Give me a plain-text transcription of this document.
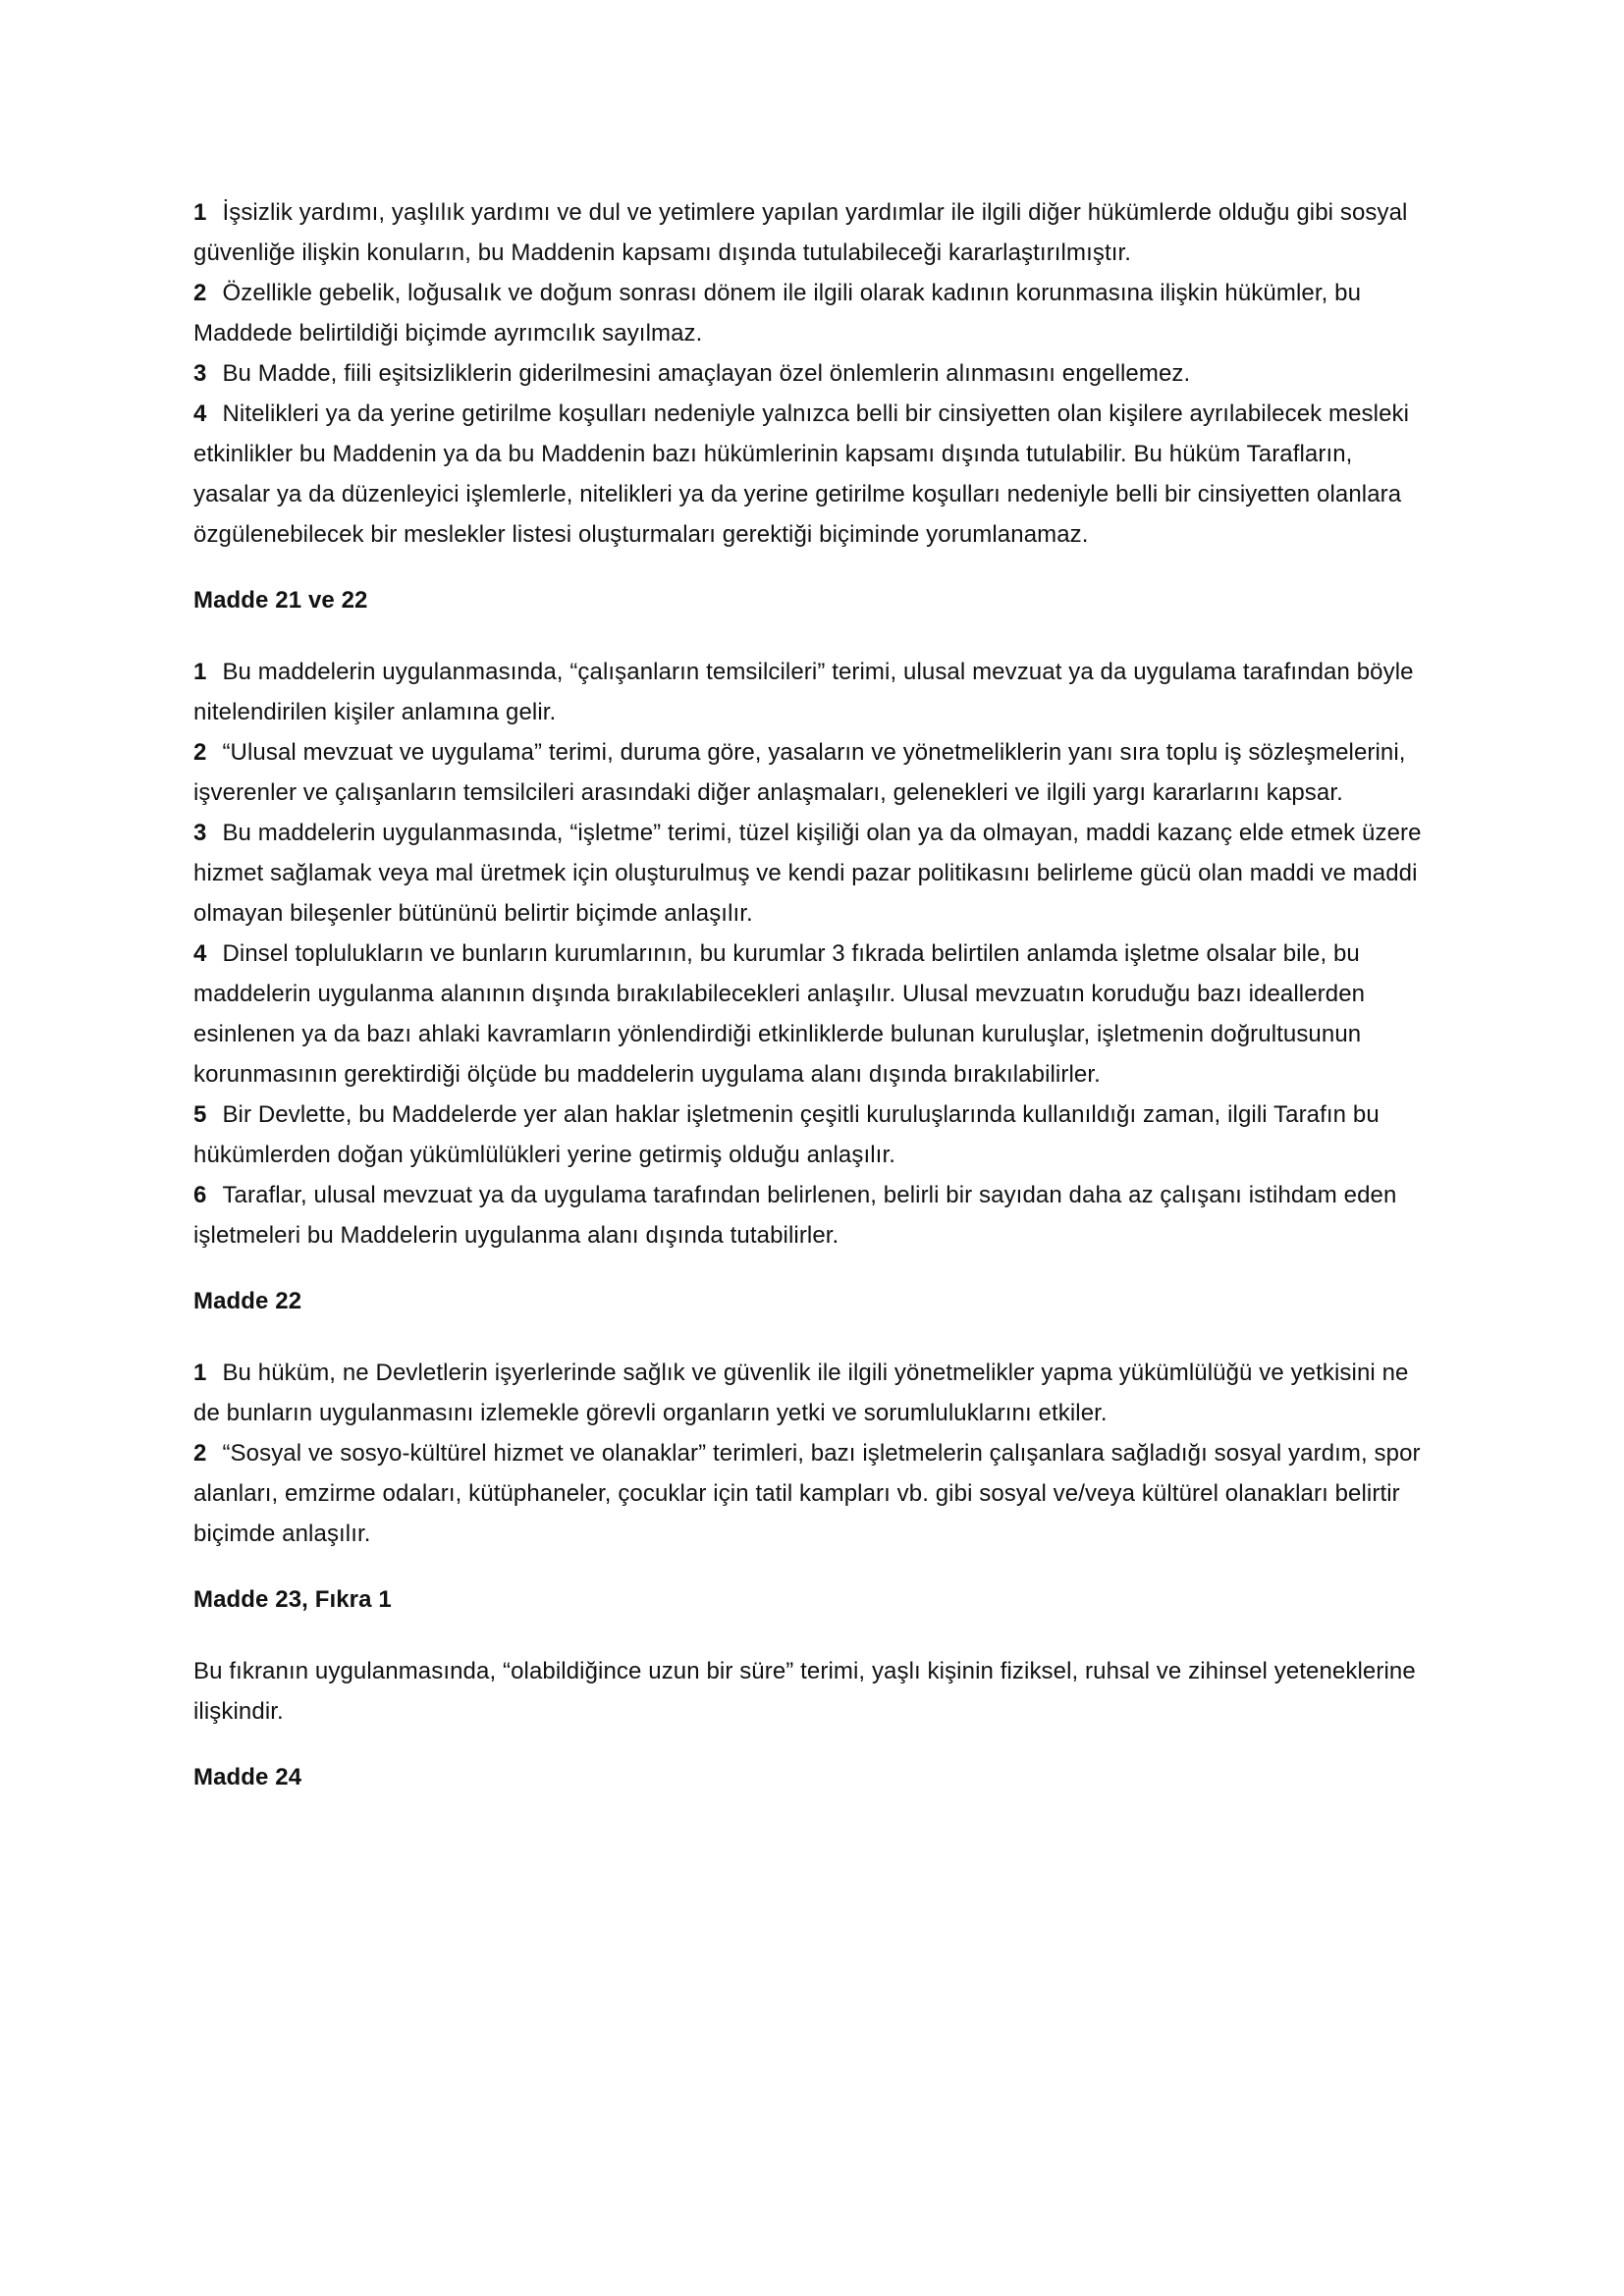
1 İşsizlik yardımı, yaşlılık yardımı ve dul ve yetimlere yapılan yardımlar ile ilgili diğer hükümlerde olduğu gibi sosyal güvenliğe ilişkin konuların, bu Maddenin kapsamı dışında tutulabileceği kararlaştırılmıştır.

2 Özellikle gebelik, loğusalık ve doğum sonrası dönem ile ilgili olarak kadının korunmasına ilişkin hükümler, bu Maddede belirtildiği biçimde ayrımcılık sayılmaz.

3 Bu Madde, fiili eşitsizliklerin giderilmesini amaçlayan özel önlemlerin alınmasını engellemez.

4 Nitelikleri ya da yerine getirilme koşulları nedeniyle yalnızca belli bir cinsiyetten olan kişilere ayrılabilecek mesleki etkinlikler bu Maddenin ya da bu Maddenin bazı hükümlerinin kapsamı dışında tutulabilir. Bu hüküm Tarafların, yasalar ya da düzenleyici işlemlerle, nitelikleri ya da yerine getirilme koşulları nedeniyle belli bir cinsiyetten olanlara özgülenebilecek bir meslekler listesi oluşturmaları gerektiği biçiminde yorumlanamaz.

Madde 21 ve 22

1 Bu maddelerin uygulanmasında, “çalışanların temsilcileri” terimi, ulusal mevzuat ya da uygulama tarafından böyle nitelendirilen kişiler anlamına gelir.

2 “Ulusal mevzuat ve uygulama” terimi, duruma göre, yasaların ve yönetmeliklerin yanı sıra toplu iş sözleşmelerini, işverenler ve çalışanların temsilcileri arasındaki diğer anlaşmaları, gelenekleri ve ilgili yargı kararlarını kapsar.

3 Bu maddelerin uygulanmasında, “işletme” terimi, tüzel kişiliği olan ya da olmayan, maddi kazanç elde etmek üzere hizmet sağlamak veya mal üretmek için oluşturulmuş ve kendi pazar politikasını belirleme gücü olan maddi ve maddi olmayan bileşenler bütününü belirtir biçimde anlaşılır.

4 Dinsel toplulukların ve bunların kurumlarının, bu kurumlar 3 fıkrada belirtilen anlamda işletme olsalar bile, bu maddelerin uygulanma alanının dışında bırakılabilecekleri anlaşılır. Ulusal mevzuatın koruduğu bazı ideallerden esinlenen ya da bazı ahlaki kavramların yönlendirdiği etkinliklerde bulunan kuruluşlar, işletmenin doğrultusunun korunmasının gerektirdiği ölçüde bu maddelerin uygulama alanı dışında bırakılabilirler.

5 Bir Devlette, bu Maddelerde yer alan haklar işletmenin çeşitli kuruluşlarında kullanıldığı zaman, ilgili Tarafın bu hükümlerden doğan yükümlülükleri yerine getirmiş olduğu anlaşılır.

6 Taraflar, ulusal mevzuat ya da uygulama tarafından belirlenen, belirli bir sayıdan daha az çalışanı istihdam eden işletmeleri bu Maddelerin uygulanma alanı dışında tutabilirler.

Madde 22

1 Bu hüküm, ne Devletlerin işyerlerinde sağlık ve güvenlik ile ilgili yönetmelikler yapma yükümlülüğü ve yetkisini ne de bunların uygulanmasını izlemekle görevli organların yetki ve sorumluluklarını etkiler.

2 “Sosyal ve sosyo-kültürel hizmet ve olanaklar” terimleri, bazı işletmelerin çalışanlara sağladığı sosyal yardım, spor alanları, emzirme odaları, kütüphaneler, çocuklar için tatil kampları vb. gibi sosyal ve/veya kültürel olanakları belirtir biçimde anlaşılır.

Madde 23, Fıkra 1

Bu fıkranın uygulanmasında, “olabildiğince uzun bir süre” terimi, yaşlı kişinin fiziksel, ruhsal ve zihinsel yeteneklerine ilişkindir.

Madde 24
